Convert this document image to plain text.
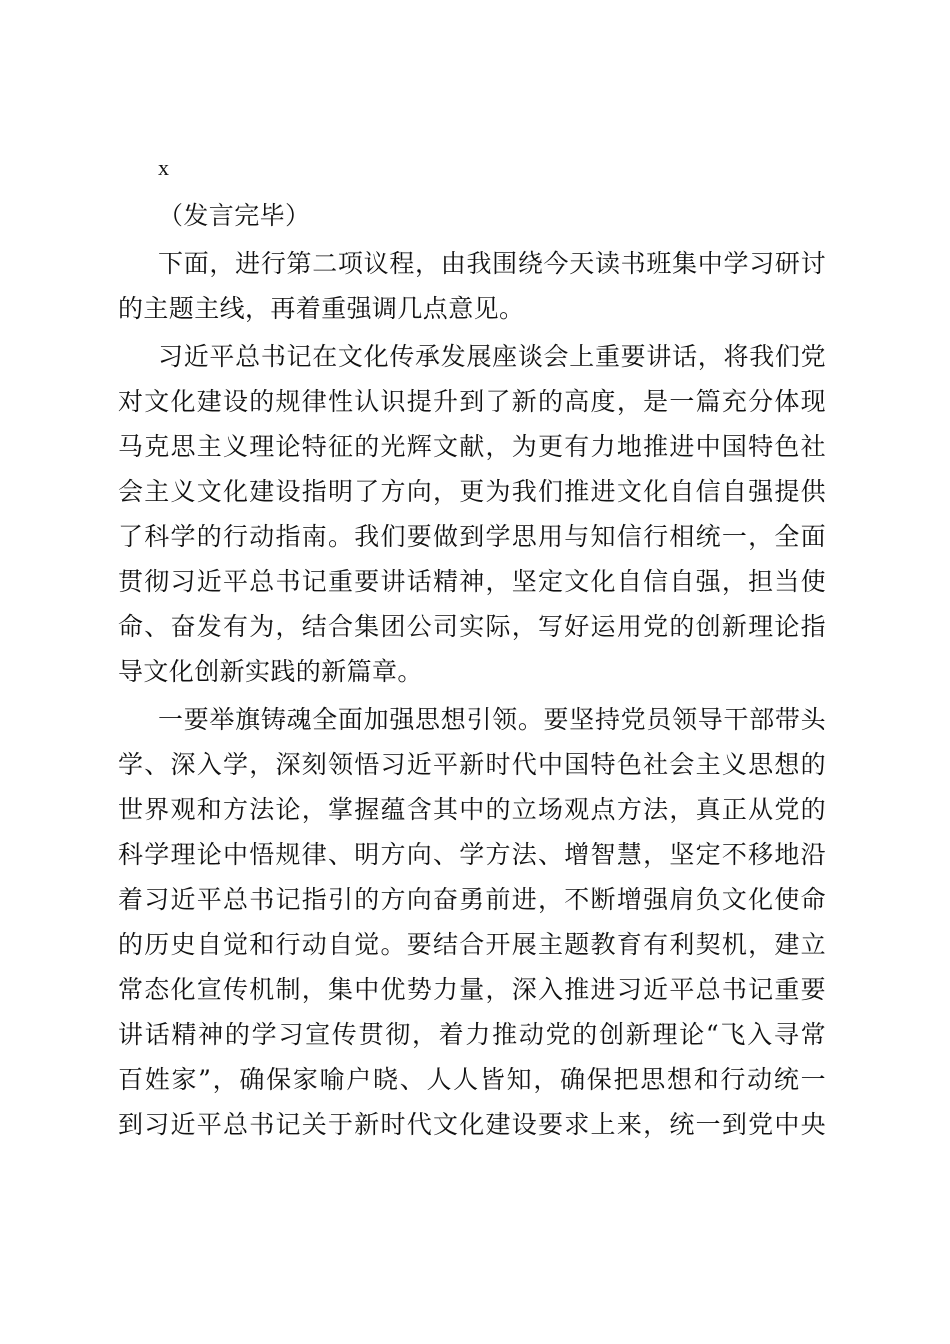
x
（发言完毕）
下面，进行第二项议程，由我围绕今天读书班集中学习研讨
的主题主线，再着重强调几点意见。
习近平总书记在文化传承发展座谈会上重要讲话，将我们党
对文化建设的规律性认识提升到了新的高度，是一篇充分体现
马克思主义理论特征的光辉文献，为更有力地推进中国特色社
会主义文化建设指明了方向，更为我们推进文化自信自强提供
了科学的行动指南。我们要做到学思用与知信行相统一，全面
贯彻习近平总书记重要讲话精神，坚定文化自信自强，担当使
命、奋发有为，结合集团公司实际，写好运用党的创新理论指
导文化创新实践的新篇章。
一要举旗铸魂全面加强思想引领。要坚持党员领导干部带头
学、深入学，深刻领悟习近平新时代中国特色社会主义思想的
世界观和方法论，掌握蕴含其中的立场观点方法，真正从党的
科学理论中悟规律、明方向、学方法、增智慧，坚定不移地沿
着习近平总书记指引的方向奋勇前进，不断增强肩负文化使命
的历史自觉和行动自觉。要结合开展主题教育有利契机，建立
常态化宣传机制，集中优势力量，深入推进习近平总书记重要
讲话精神的学习宣传贯彻，着力推动党的创新理论“飞入寻常
百姓家”，确保家喻户晓、人人皆知，确保把思想和行动统一
到习近平总书记关于新时代文化建设要求上来，统一到党中央
